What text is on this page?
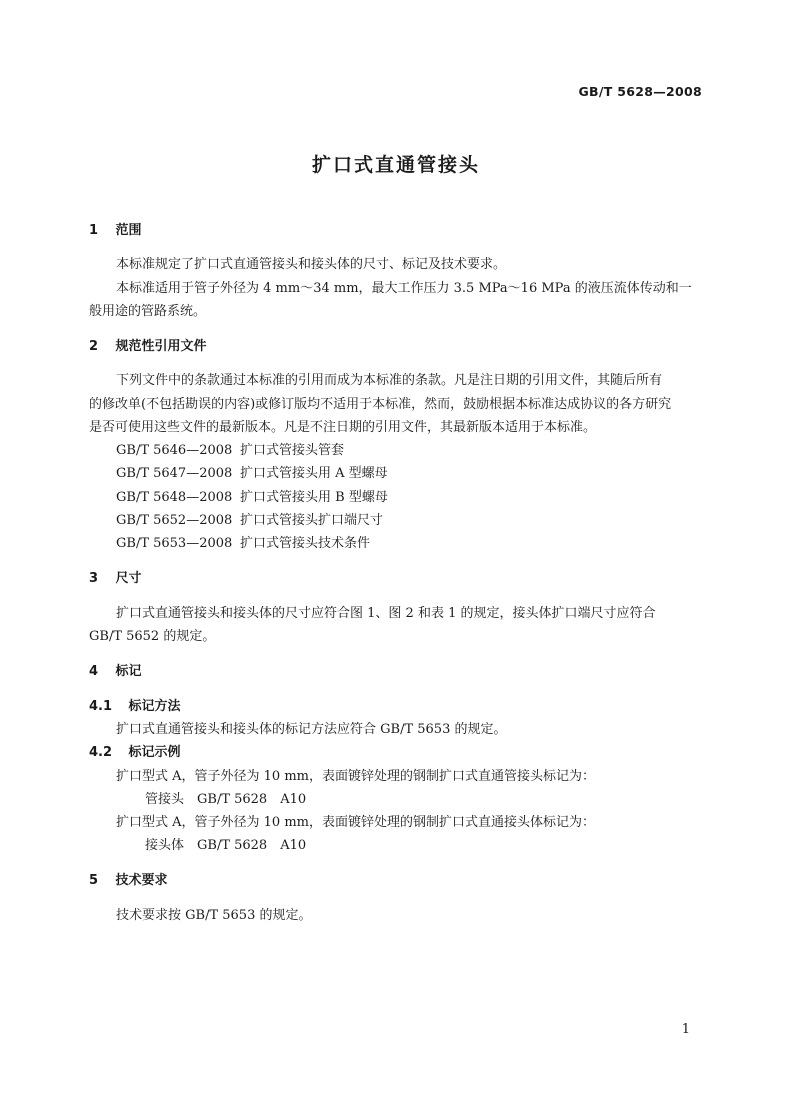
GB/T 5628—2008
扩口式直通管接头
1 范围
本标准规定了扩口式直通管接头和接头体的尺寸、标记及技术要求。
本标准适用于管子外径为 4 mm～34 mm，最大工作压力 3.5 MPa～16 MPa 的液压流体传动和一
般用途的管路系统。
2 规范性引用文件
下列文件中的条款通过本标准的引用而成为本标准的条款。凡是注日期的引用文件，其随后所有
的修改单(不包括勘误的内容)或修订版均不适用于本标准，然而，鼓励根据本标准达成协议的各方研究
是否可使用这些文件的最新版本。凡是不注日期的引用文件，其最新版本适用于本标准。
GB/T 5646—2008 扩口式管接头管套
GB/T 5647—2008 扩口式管接头用 A 型螺母
GB/T 5648—2008 扩口式管接头用 B 型螺母
GB/T 5652—2008 扩口式管接头扩口端尺寸
GB/T 5653—2008 扩口式管接头技术条件
3 尺寸
扩口式直通管接头和接头体的尺寸应符合图 1、图 2 和表 1 的规定，接头体扩口端尺寸应符合
GB/T 5652 的规定。
4 标记
4.1 标记方法
扩口式直通管接头和接头体的标记方法应符合 GB/T 5653 的规定。
4.2 标记示例
扩口型式 A，管子外径为 10 mm，表面镀锌处理的钢制扩口式直通管接头标记为：
管接头　GB/T 5628　A10
扩口型式 A，管子外径为 10 mm，表面镀锌处理的钢制扩口式直通接头体标记为：
接头体　GB/T 5628　A10
5 技术要求
技术要求按 GB/T 5653 的规定。
1
